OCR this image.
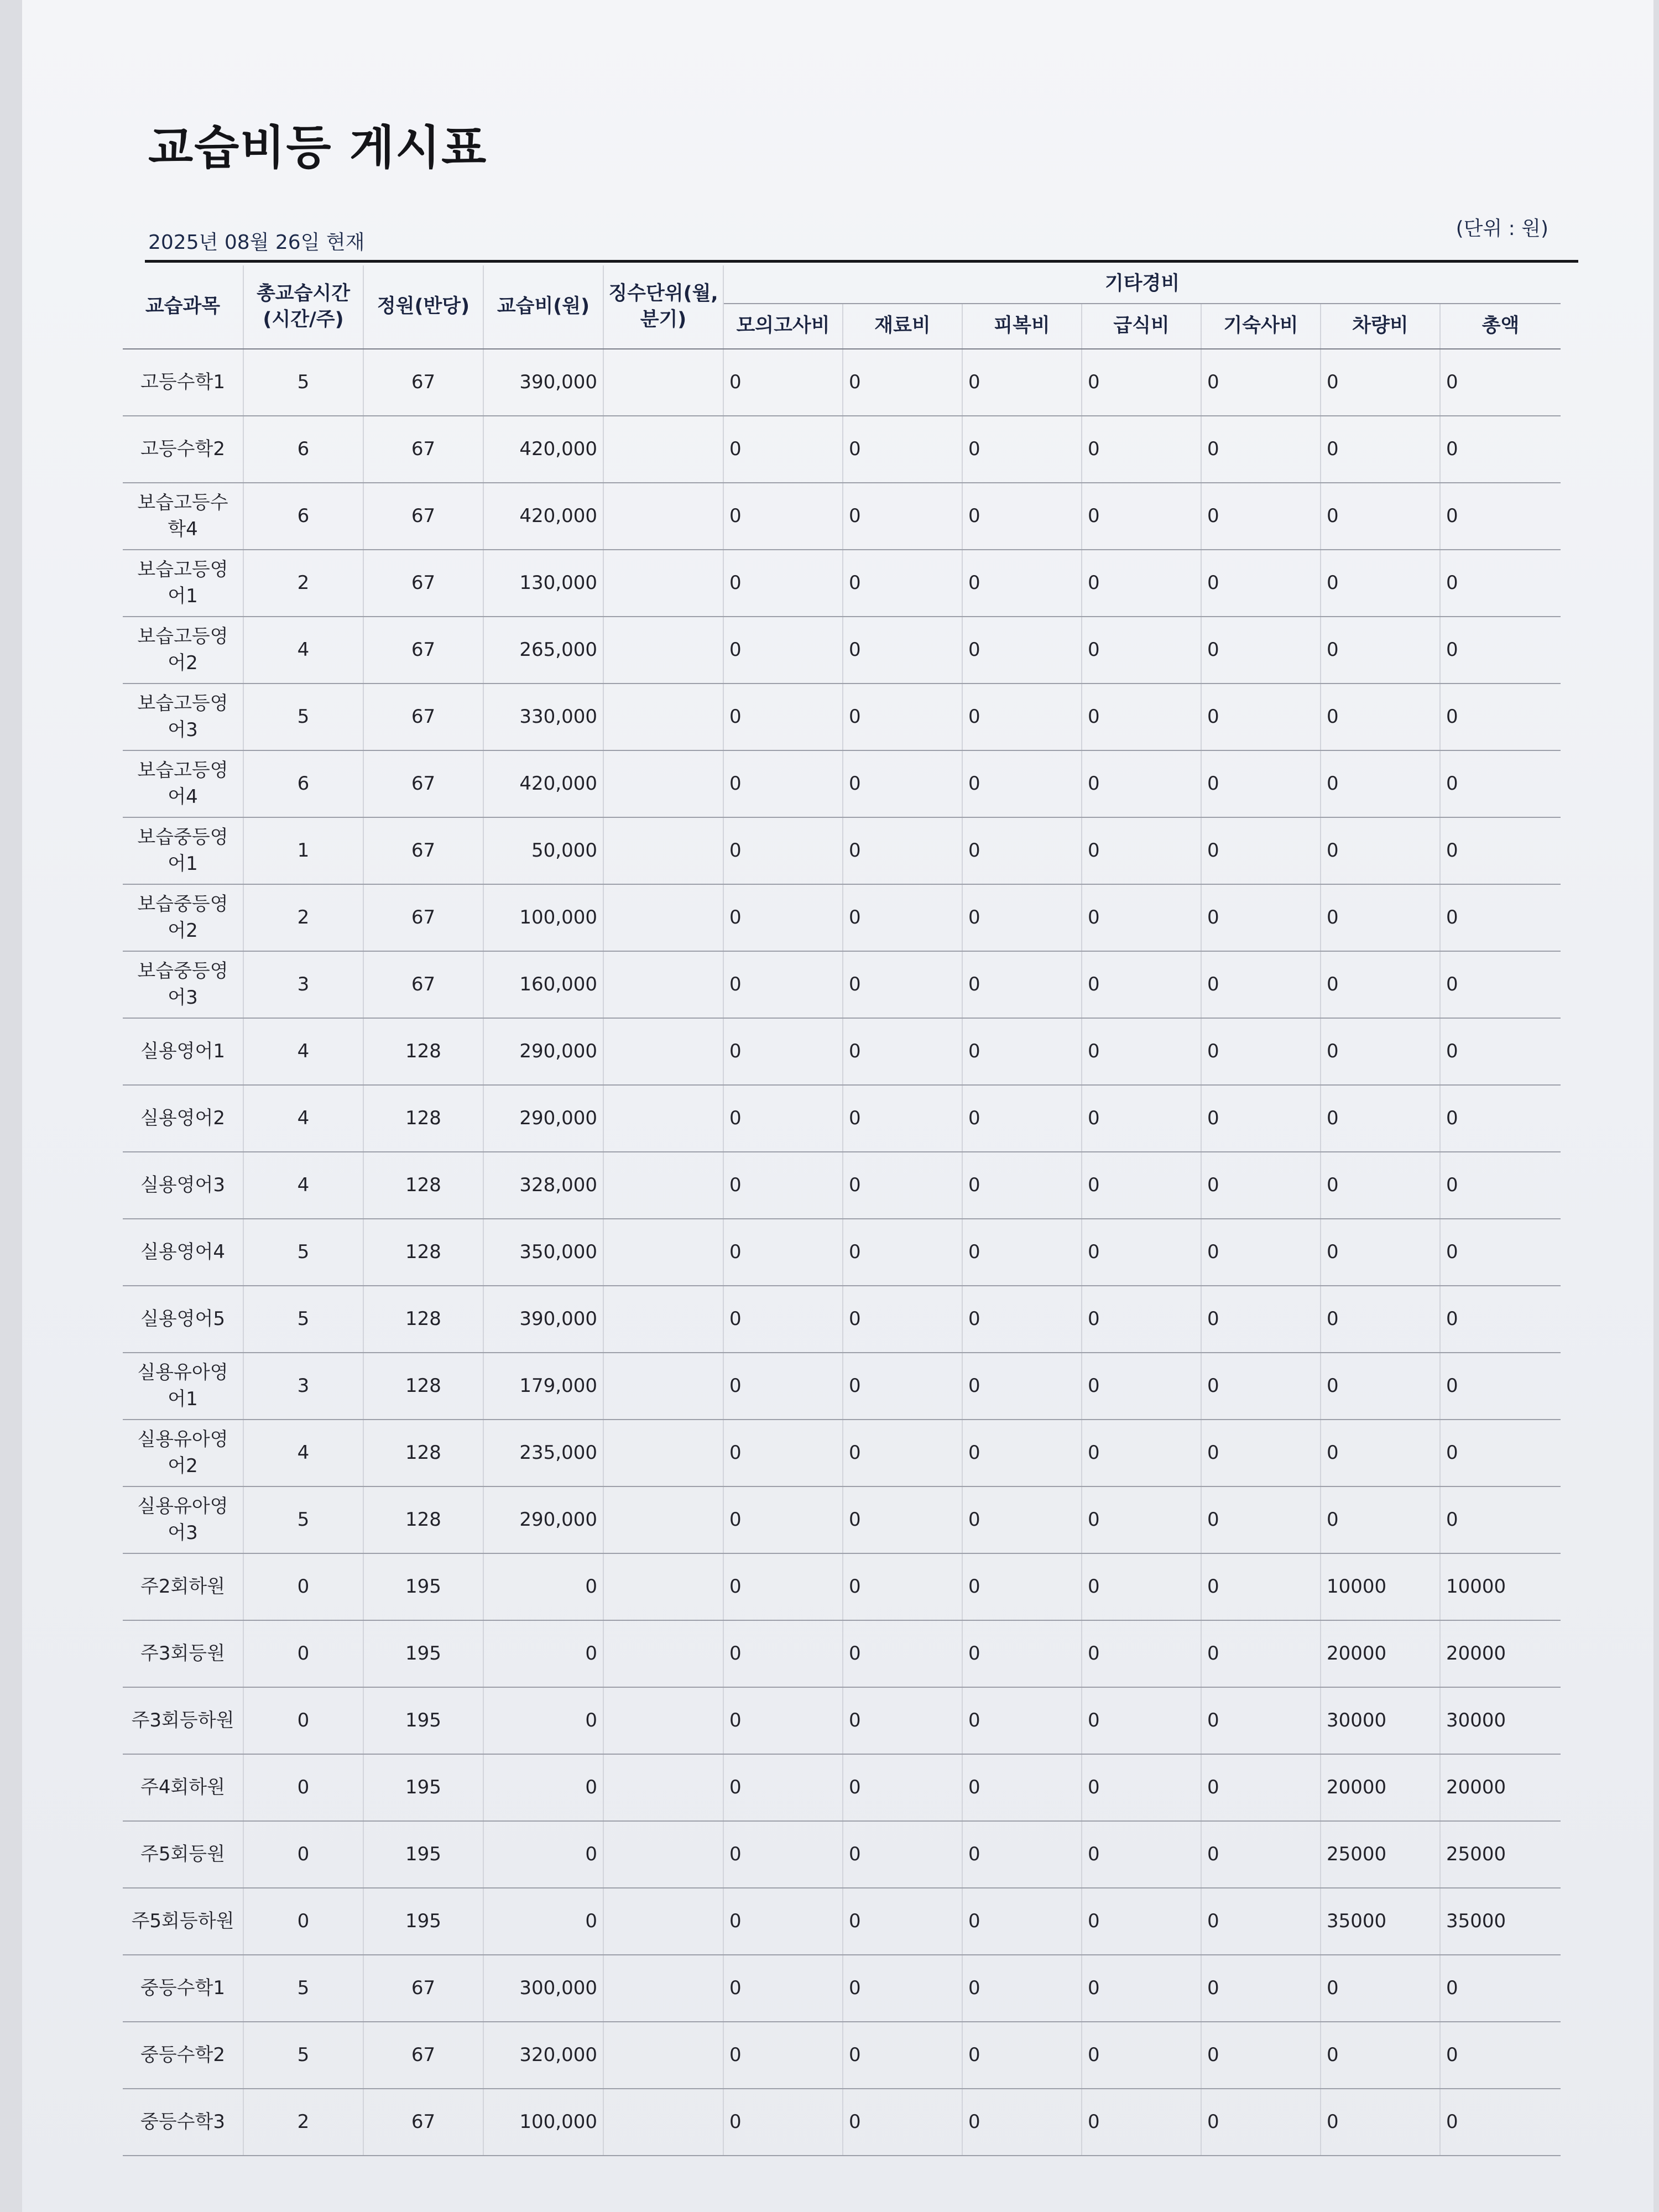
교습비등 게시표
2025년 08월 26일 현재
(단위 : 원)
교습과목	총교습시간(시간/주)	정원(반당)	교습비(원)	징수단위(월, 분기)	기타경비						
					모의고사비	재료비	피복비	급식비	기숙사비	차량비	총액
고등수학1	5	67	390,000		0	0	0	0	0	0	0
고등수학2	6	67	420,000		0	0	0	0	0	0	0
보습고등수학4	6	67	420,000		0	0	0	0	0	0	0
보습고등영어1	2	67	130,000		0	0	0	0	0	0	0
보습고등영어2	4	67	265,000		0	0	0	0	0	0	0
보습고등영어3	5	67	330,000		0	0	0	0	0	0	0
보습고등영어4	6	67	420,000		0	0	0	0	0	0	0
보습중등영어1	1	67	50,000		0	0	0	0	0	0	0
보습중등영어2	2	67	100,000		0	0	0	0	0	0	0
보습중등영어3	3	67	160,000		0	0	0	0	0	0	0
실용영어1	4	128	290,000		0	0	0	0	0	0	0
실용영어2	4	128	290,000		0	0	0	0	0	0	0
실용영어3	4	128	328,000		0	0	0	0	0	0	0
실용영어4	5	128	350,000		0	0	0	0	0	0	0
실용영어5	5	128	390,000		0	0	0	0	0	0	0
실용유아영어1	3	128	179,000		0	0	0	0	0	0	0
실용유아영어2	4	128	235,000		0	0	0	0	0	0	0
실용유아영어3	5	128	290,000		0	0	0	0	0	0	0
주2회하원	0	195	0		0	0	0	0	0	10000	10000
주3회등원	0	195	0		0	0	0	0	0	20000	20000
주3회등하원	0	195	0		0	0	0	0	0	30000	30000
주4회하원	0	195	0		0	0	0	0	0	20000	20000
주5회등원	0	195	0		0	0	0	0	0	25000	25000
주5회등하원	0	195	0		0	0	0	0	0	35000	35000
중등수학1	5	67	300,000		0	0	0	0	0	0	0
중등수학2	5	67	320,000		0	0	0	0	0	0	0
중등수학3	2	67	100,000		0	0	0	0	0	0	0
